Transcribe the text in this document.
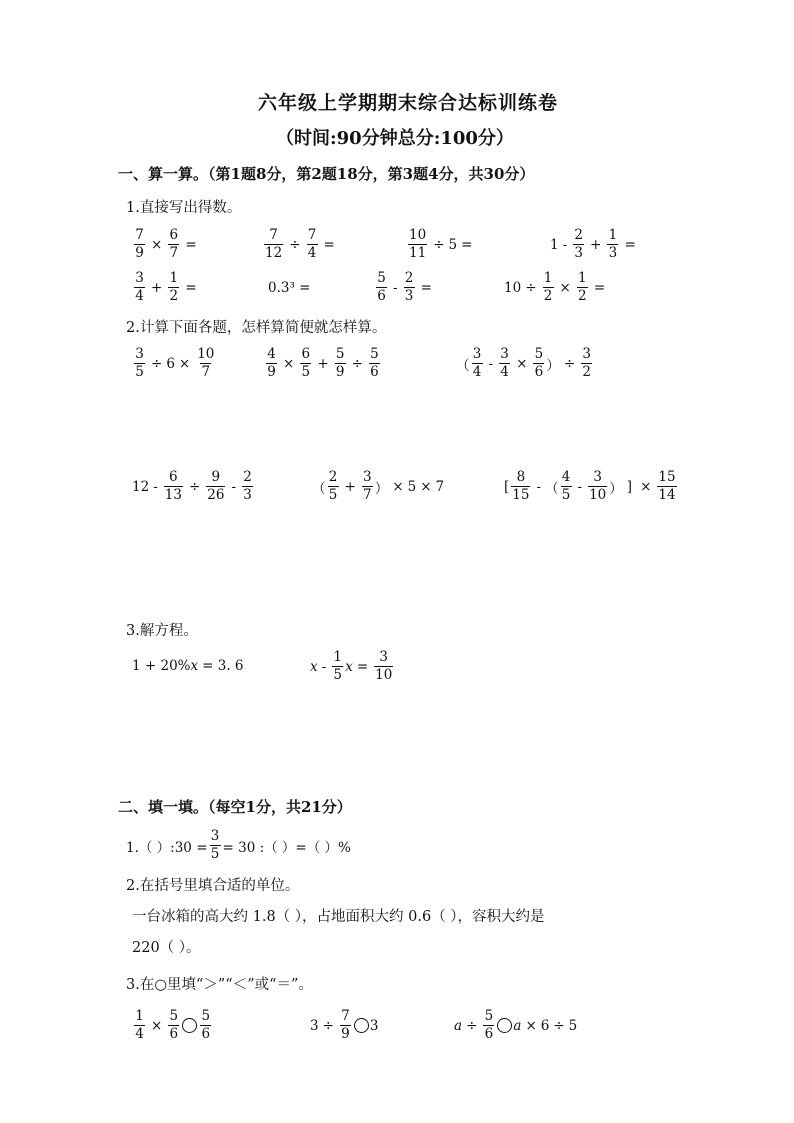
六年级上学期期末综合达标训练卷
（时间:90分钟总分:100分）
一、算一算。（第1题8分，第2题18分，第3题4分，共30分）
1.直接写出得数。
$\frac{7}{9} \times \frac{6}{7}$ =	$\frac{7}{12} \div \frac{7}{4}$ =	$\frac{10}{11} \div 5$ =	$1 - \frac{2}{3} + \frac{1}{3}$ =
$\frac{3}{4} + \frac{1}{2}$ =	0.3³ =	$\frac{5}{6} - \frac{2}{3}$ =	$10 \div \frac{1}{2} \times \frac{1}{2}$ =
2.计算下面各题，怎样算简便就怎样算。
$\frac{3}{5} \div 6 \times \frac{10}{7}$	$\frac{4}{9} \times \frac{6}{5} + \frac{5}{9} \div \frac{5}{6}$	（ $\frac{3}{4} - \frac{3}{4} \times \frac{5}{6}$ ） ÷ $\frac{3}{2}$
$12 - \frac{6}{13} \div \frac{9}{26} - \frac{2}{3}$	（ $\frac{2}{5} + \frac{3}{7}$ ） × 5 × 7	[ $\frac{8}{15}$ - （ $\frac{4}{5} - \frac{3}{10}$ ） ] × $\frac{15}{14}$
3.解方程。
1 + 20% x = 3. 6	x - $\frac{1}{5}$ $x = \frac{3}{10}$
二、填一填。（每空1分，共21分）
1.（ ）:30 = $\frac{3}{5} = 30$ :（ ）=（ ）%
2.在括号里填合适的单位。
一台冰箱的高大约 1.8（ ），占地面积大约 0.6（ ），容积大约是
220（ ）。
3.在○里填“＞”“＜”或“＝”。
$\frac{1}{4} \times \frac{5}{6} \frac{5}{6}$	$3 \div \frac{7}{9} 3$	$a \div \frac{5}{6}$ a × 6 ÷ 5
